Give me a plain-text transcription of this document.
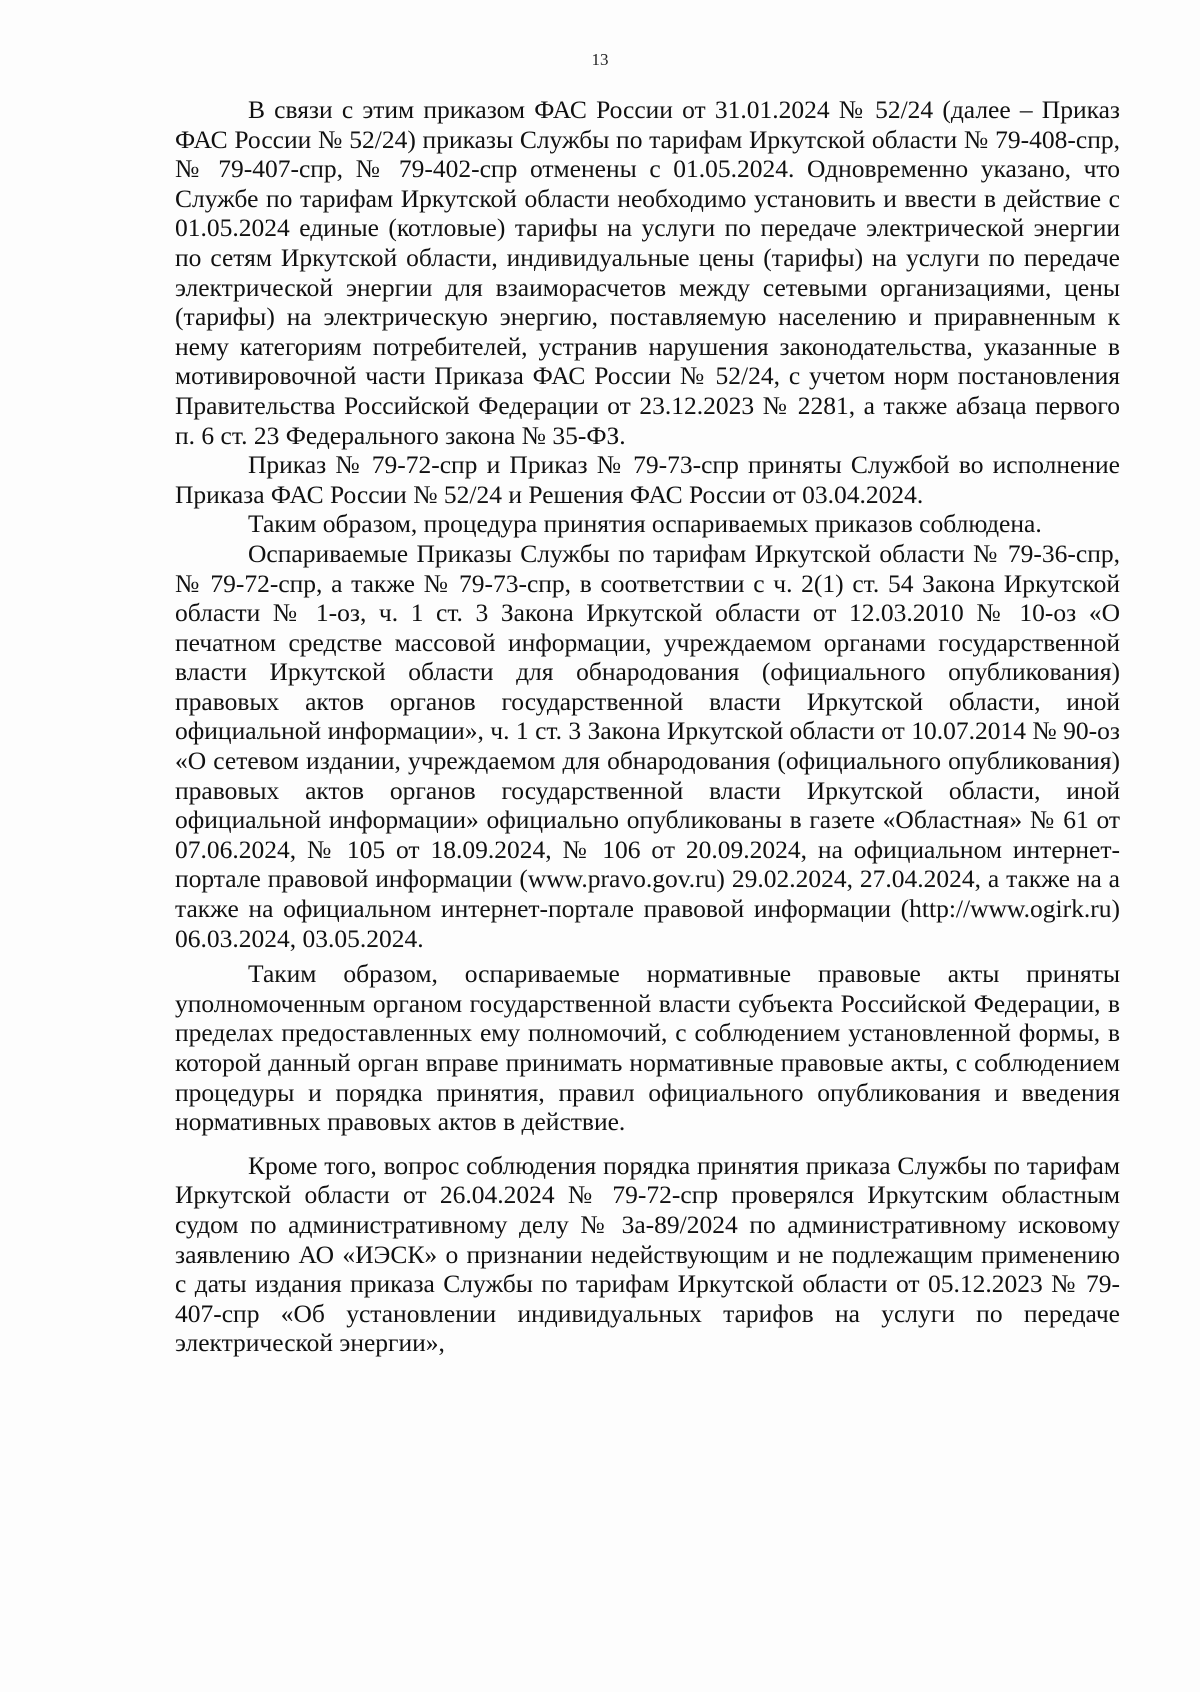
13

В связи с этим приказом ФАС России от 31.01.2024 № 52/24 (далее – Приказ ФАС России № 52/24) приказы Службы по тарифам Иркутской области № 79-408-спр, № 79-407-спр, № 79-402-спр отменены с 01.05.2024. Одновременно указано, что Службе по тарифам Иркутской области необходимо установить и ввести в действие с 01.05.2024 единые (котловые) тарифы на услуги по передаче электрической энергии по сетям Иркутской области, индивидуальные цены (тарифы) на услуги по передаче электрической энергии для взаиморасчетов между сетевыми организациями, цены (тарифы) на электрическую энергию, поставляемую населению и приравненным к нему категориям потребителей, устранив нарушения законодательства, указанные в мотивировочной части Приказа ФАС России № 52/24, с учетом норм постановления Правительства Российской Федерации от 23.12.2023 № 2281, а также абзаца первого п. 6 ст. 23 Федерального закона № 35-ФЗ.

Приказ № 79-72-спр и Приказ № 79-73-спр приняты Службой во исполнение Приказа ФАС России № 52/24 и Решения ФАС России от 03.04.2024.

Таким образом, процедура принятия оспариваемых приказов соблюдена.

Оспариваемые Приказы Службы по тарифам Иркутской области № 79-36-спр, № 79-72-спр, а также № 79-73-спр, в соответствии с ч. 2(1) ст. 54 Закона Иркутской области № 1-оз, ч. 1 ст. 3 Закона Иркутской области от 12.03.2010 № 10-оз «О печатном средстве массовой информации, учреждаемом органами государственной власти Иркутской области для обнародования (официального опубликования) правовых актов органов государственной власти Иркутской области, иной официальной информации», ч. 1 ст. 3 Закона Иркутской области от 10.07.2014 № 90-оз «О сетевом издании, учреждаемом для обнародования (официального опубликования) правовых актов органов государственной власти Иркутской области, иной официальной информации» официально опубликованы в газете «Областная» № 61 от 07.06.2024, № 105 от 18.09.2024, № 106 от 20.09.2024, на официальном интернет-портале правовой информации (www.pravo.gov.ru) 29.02.2024, 27.04.2024, а также на а также на официальном интернет-портале правовой информации (http://www.ogirk.ru) 06.03.2024, 03.05.2024.

Таким образом, оспариваемые нормативные правовые акты приняты уполномоченным органом государственной власти субъекта Российской Федерации, в пределах предоставленных ему полномочий, с соблюдением установленной формы, в которой данный орган вправе принимать нормативные правовые акты, с соблюдением процедуры и порядка принятия, правил официального опубликования и введения нормативных правовых актов в действие.

Кроме того, вопрос соблюдения порядка принятия приказа Службы по тарифам Иркутской области от 26.04.2024 № 79-72-спр проверялся Иркутским областным судом по административному делу № 3а-89/2024 по административному исковому заявлению АО «ИЭСК» о признании недействующим и не подлежащим применению с даты издания приказа Службы по тарифам Иркутской области от 05.12.2023 № 79-407-спр «Об установлении индивидуальных тарифов на услуги по передаче электрической энергии»,
